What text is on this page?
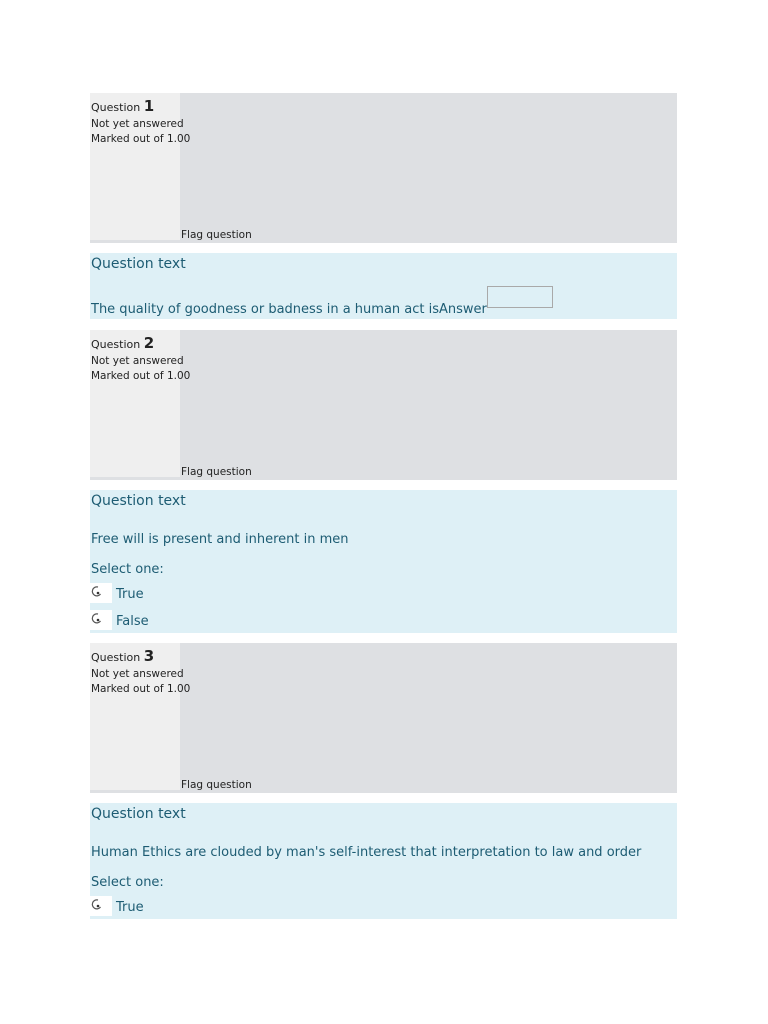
Question 1
Not yet answered
Marked out of 1.00
Flag question
Question text
The quality of goodness or badness in a human act isAnswer
Question 2
Not yet answered
Marked out of 1.00
Flag question
Question text
Free will is present and inherent in men
Select one:
True
False
Question 3
Not yet answered
Marked out of 1.00
Flag question
Question text
Human Ethics are clouded by man's self-interest that interpretation to law and order
Select one:
True
